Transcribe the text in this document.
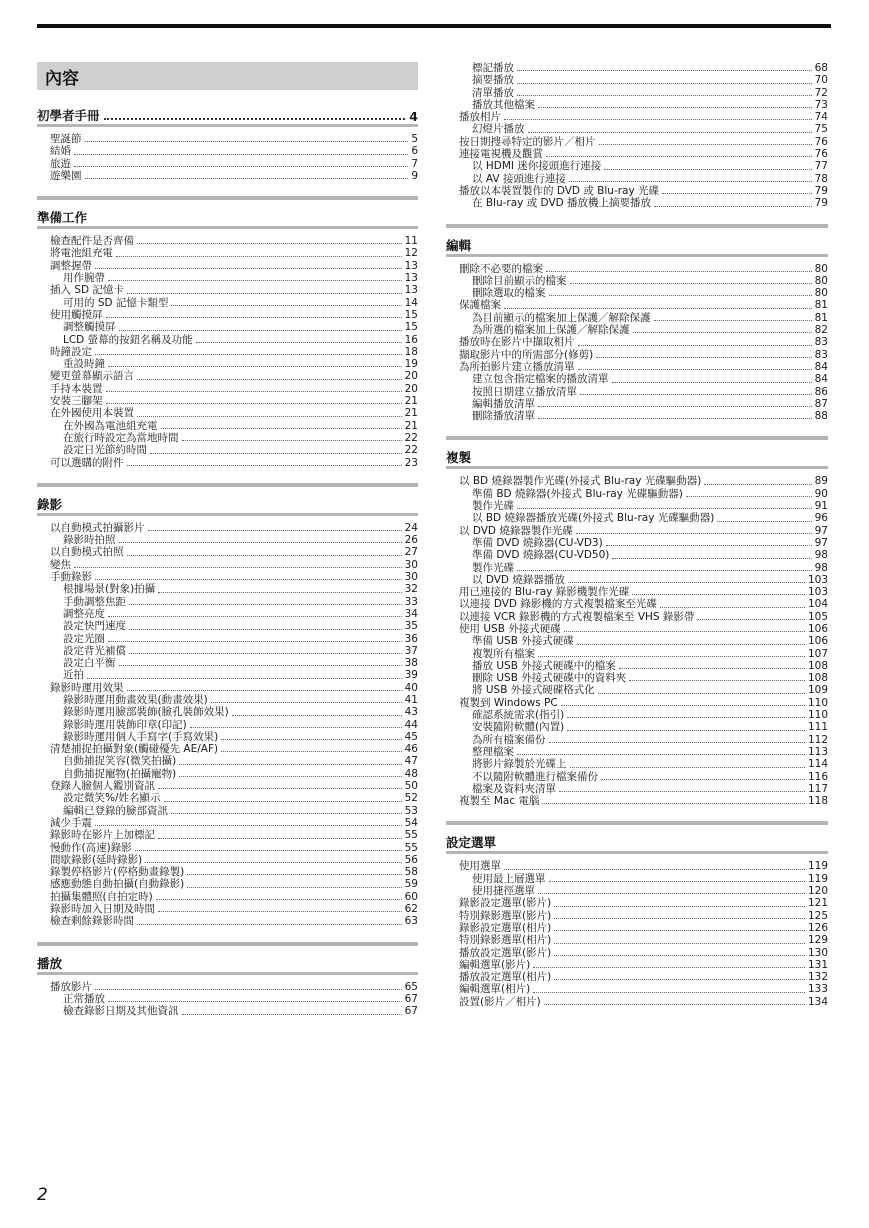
內容
初學者手冊	4
聖誕節	5
結婚	6
旅遊	7
遊樂園	9
準備工作
檢查配件是否齊備	11
將電池組充電	12
調整握帶	13
用作腕帶	13
插入 SD 記憶卡	13
可用的 SD 記憶卡類型	14
使用觸摸屏	15
調整觸摸屏	15
LCD 螢幕的按鈕名稱及功能	16
時鐘設定	18
重設時鐘	19
變更螢幕顯示語言	20
手持本裝置	20
安裝三腳架	21
在外國使用本裝置	21
在外國為電池組充電	21
在旅行時設定為當地時間	22
設定日光節約時間	22
可以選購的附件	23
錄影
以自動模式拍攝影片	24
錄影時拍照	26
以自動模式拍照	27
變焦	30
手動錄影	30
根據場景(對象)拍攝	32
手動調整焦距	33
調整亮度	34
設定快門速度	35
設定光圈	36
設定背光補償	37
設定白平衡	38
近拍	39
錄影時運用效果	40
錄影時運用動畫效果(動畫效果)	41
錄影時運用臉部裝飾(臉孔裝飾效果)	43
錄影時運用裝飾印章(印記)	44
錄影時運用個人手寫字(手寫效果)	45
清楚捕捉拍攝對象(觸碰優先 AE/AF)	46
自動捕捉笑容(微笑拍攝)	47
自動捕捉寵物(拍攝寵物)	48
登錄人臉個人鑑別資訊	50
設定微笑%/姓名顯示	52
編輯已登錄的臉部資訊	53
減少手震	54
錄影時在影片上加標記	55
慢動作(高速)錄影	55
間歇錄影(延時錄影)	56
錄製停格影片(停格動畫錄製)	58
感應動態自動拍攝(自動錄影)	59
拍攝集體照(自拍定時)	60
錄影時加入日期及時間	62
檢查剩餘錄影時間	63
播放
播放影片	65
正常播放	67
檢查錄影日期及其他資訊	67
標記播放	68
摘要播放	70
清單播放	72
播放其他檔案	73
播放相片	74
幻燈片播放	75
按日期搜尋特定的影片／相片	76
連接電視機及觀賞	76
以 HDMI 迷你接頭進行連接	77
以 AV 接頭進行連接	78
播放以本裝置製作的 DVD 或 Blu-ray 光碟	79
在 Blu-ray 或 DVD 播放機上摘要播放	79
編輯
刪除不必要的檔案	80
刪除目前顯示的檔案	80
刪除選取的檔案	80
保護檔案	81
為目前顯示的檔案加上保護／解除保護	81
為所選的檔案加上保護／解除保護	82
播放時在影片中擷取相片	83
擷取影片中的所需部分(修剪)	83
為所拍影片建立播放清單	84
建立包含指定檔案的播放清單	84
按照日期建立播放清單	86
編輯播放清單	87
刪除播放清單	88
複製
以 BD 燒錄器製作光碟(外接式 Blu-ray 光碟驅動器)	89
準備 BD 燒錄器(外接式 Blu-ray 光碟驅動器)	90
製作光碟	91
以 BD 燒錄器播放光碟(外接式 Blu-ray 光碟驅動器)	96
以 DVD 燒錄器製作光碟	97
準備 DVD 燒錄器(CU-VD3)	97
準備 DVD 燒錄器(CU-VD50)	98
製作光碟	98
以 DVD 燒錄器播放	103
用已連接的 Blu-ray 錄影機製作光碟	103
以連接 DVD 錄影機的方式複製檔案至光碟	104
以連接 VCR 錄影機的方式複製檔案至 VHS 錄影帶	105
使用 USB 外接式硬碟	106
準備 USB 外接式硬碟	106
複製所有檔案	107
播放 USB 外接式硬碟中的檔案	108
刪除 USB 外接式硬碟中的資料夾	108
將 USB 外接式硬碟格式化	109
複製到 Windows PC	110
確認系統需求(指引)	110
安裝隨附軟體(內置)	111
為所有檔案備份	112
整理檔案	113
將影片錄製於光碟上	114
不以隨附軟體進行檔案備份	116
檔案及資料夾清單	117
複製至 Mac 電腦	118
設定選單
使用選單	119
使用最上層選單	119
使用捷徑選單	120
錄影設定選單(影片)	121
特別錄影選單(影片)	125
錄影設定選單(相片)	126
特別錄影選單(相片)	129
播放設定選單(影片)	130
編輯選單(影片)	131
播放設定選單(相片)	132
編輯選單(相片)	133
設置(影片／相片)	134
2
